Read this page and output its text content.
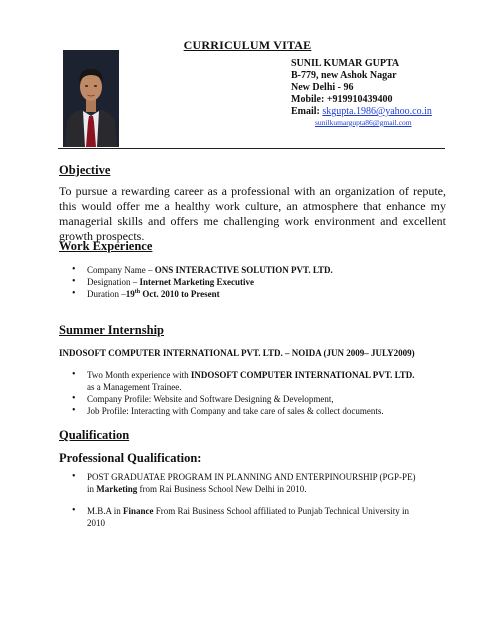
CURRICULUM VITAE
SUNIL KUMAR GUPTA
B-779, new Ashok Nagar
New Delhi - 96
Mobile: +919910439400
Email: skgupta.1986@yahoo.co.in
sunilkumargupta86@gmail.com
Objective
To pursue a rewarding career as a professional with an organization of repute, this would offer me a healthy work culture, an atmosphere that enhance my managerial skills and offers me challenging work environment and excellent growth prospects.
Work Experience
• Company Name – ONS INTERACTIVE SOLUTION PVT. LTD.
• Designation – Internet Marketing Executive
• Duration –19th Oct. 2010 to Present
Summer Internship
INDOSOFT COMPUTER INTERNATIONAL PVT. LTD. – NOIDA (JUN 2009– JULY2009)
• Two Month experience with INDOSOFT COMPUTER INTERNATIONAL PVT. LTD.
as a Management Trainee.
• Company Profile: Website and Software Designing & Development,
• Job Profile: Interacting with Company and take care of sales & collect documents.
Qualification
Professional Qualification:
• POST GRADUATAE PROGRAM IN PLANNING AND ENTERPINOURSHIP (PGP-PE)
in Marketing from Rai Business School New Delhi in 2010.
• M.B.A in Finance From Rai Business School affiliated to Punjab Technical University in
2010
